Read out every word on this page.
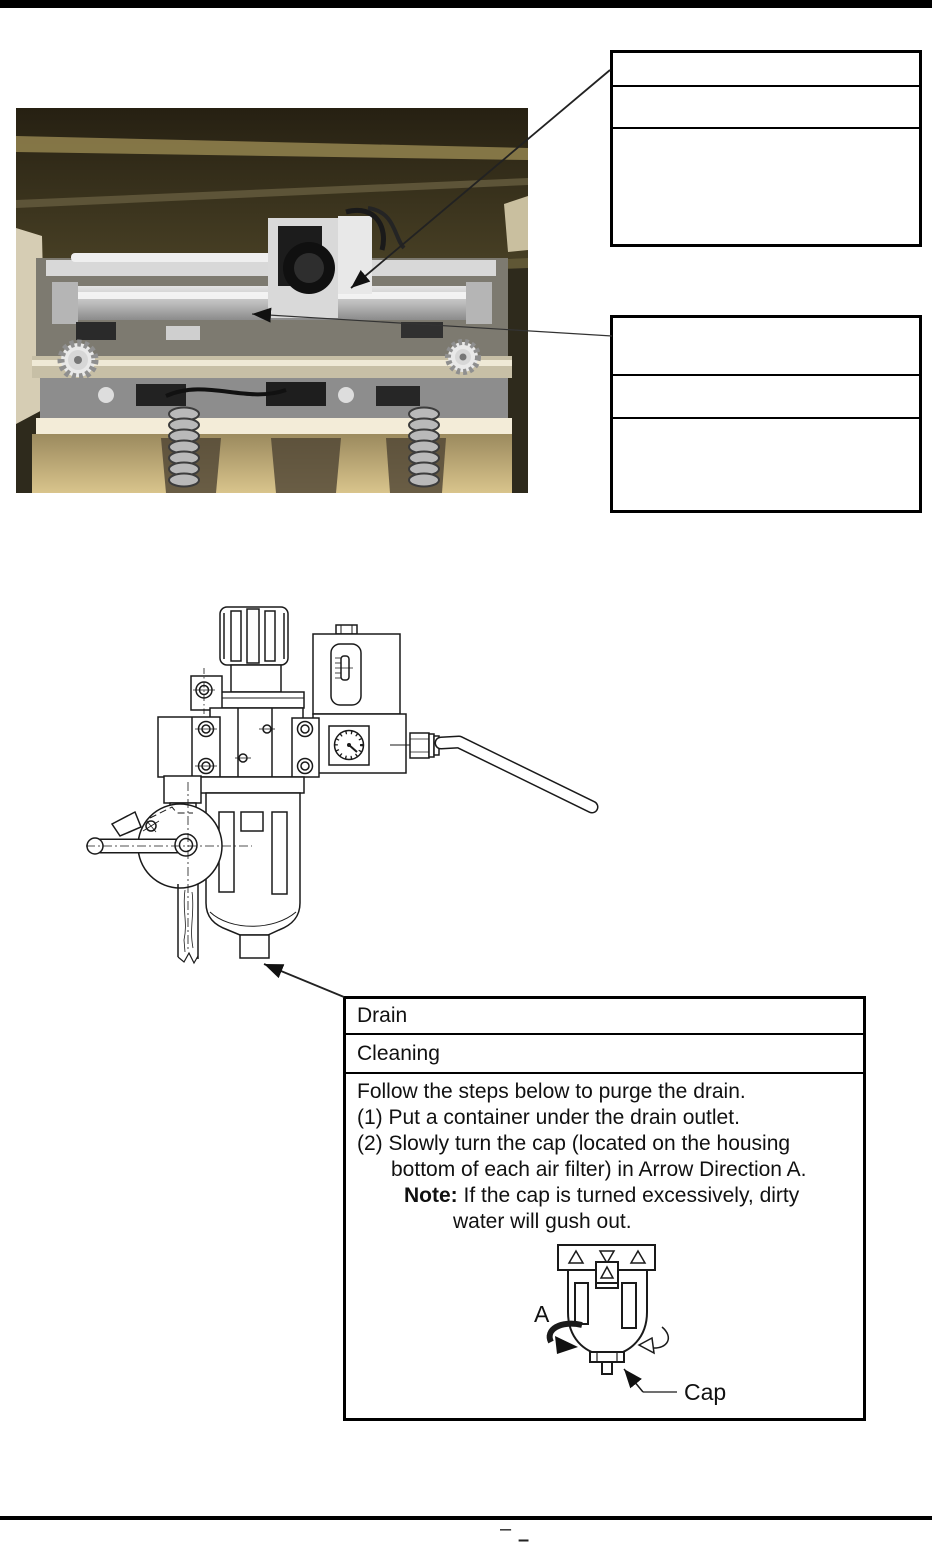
Drain
Cleaning
Follow the steps below to purge the drain.
(1) Put a container under the drain outlet.
(2) Slowly turn the cap (located on the housing
bottom of each air filter) in Arrow Direction A.
Note: If the cap is turned excessively, dirty
water will gush out.
– –
A
Cap
